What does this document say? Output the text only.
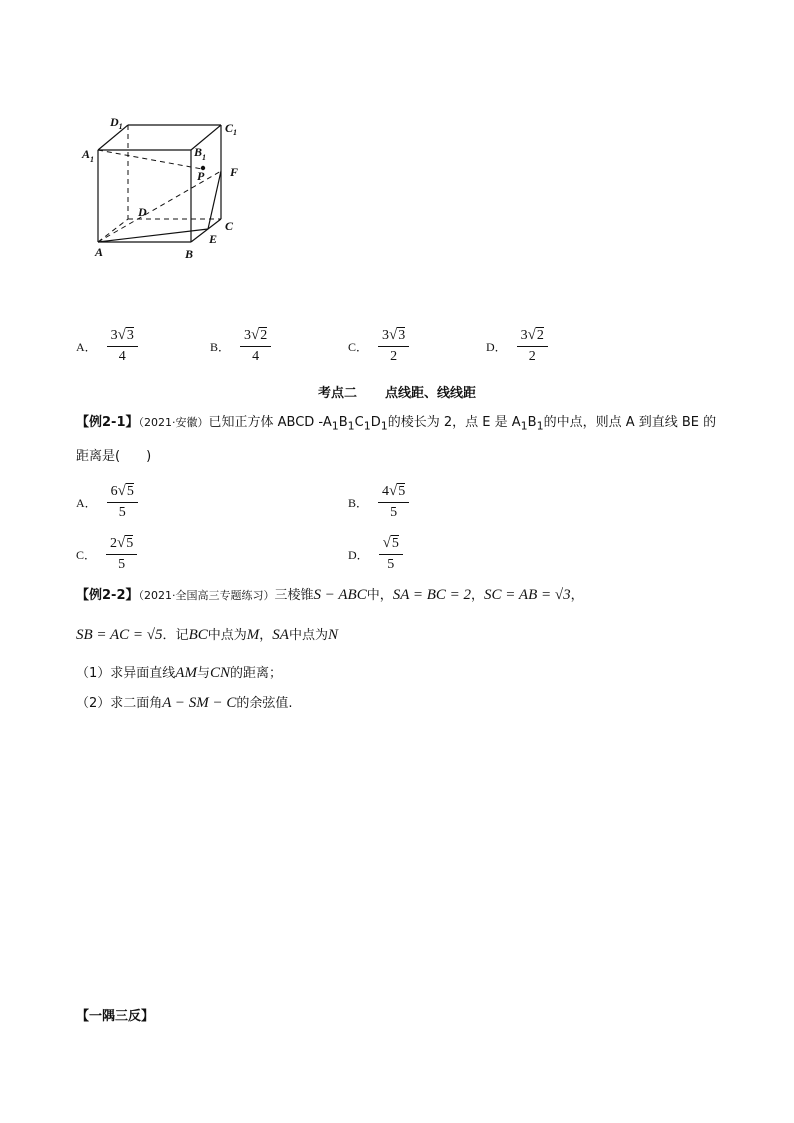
$D_1$	$C_1$
$A_1$
$B_1$
P F
D
C
A	B
E
A． $\frac{3√3}{4}$	B． $\frac{3√2}{4}$	C． $\frac{3√3}{2}$	D． $\frac{3√2}{2}$
考点二 点线距、线线距
【例2-1】（2021·安徽）已知正方体 ABCD $-A_1B_1C_1D_1$的棱长为 2，点 E 是 $A_1B_1$的中点，则点 A 到直线 BE 的
距离是(　　)
A． $\frac{6√5}{5}$	B． $\frac{4√5}{5}$
C． $\frac{2√5}{5}$	D． $\frac{√5}{5}$
【例2-2】（2021·全国高三专题练习）三棱锥S − ABC中，SA = BC = 2，SC = AB = √3，
SB = AC = √5．记BC中点为M，SA中点为N
（1）求异面直线AM与CN的距离；
（2）求二面角A − SM − C的余弦值.
【一隅三反】
